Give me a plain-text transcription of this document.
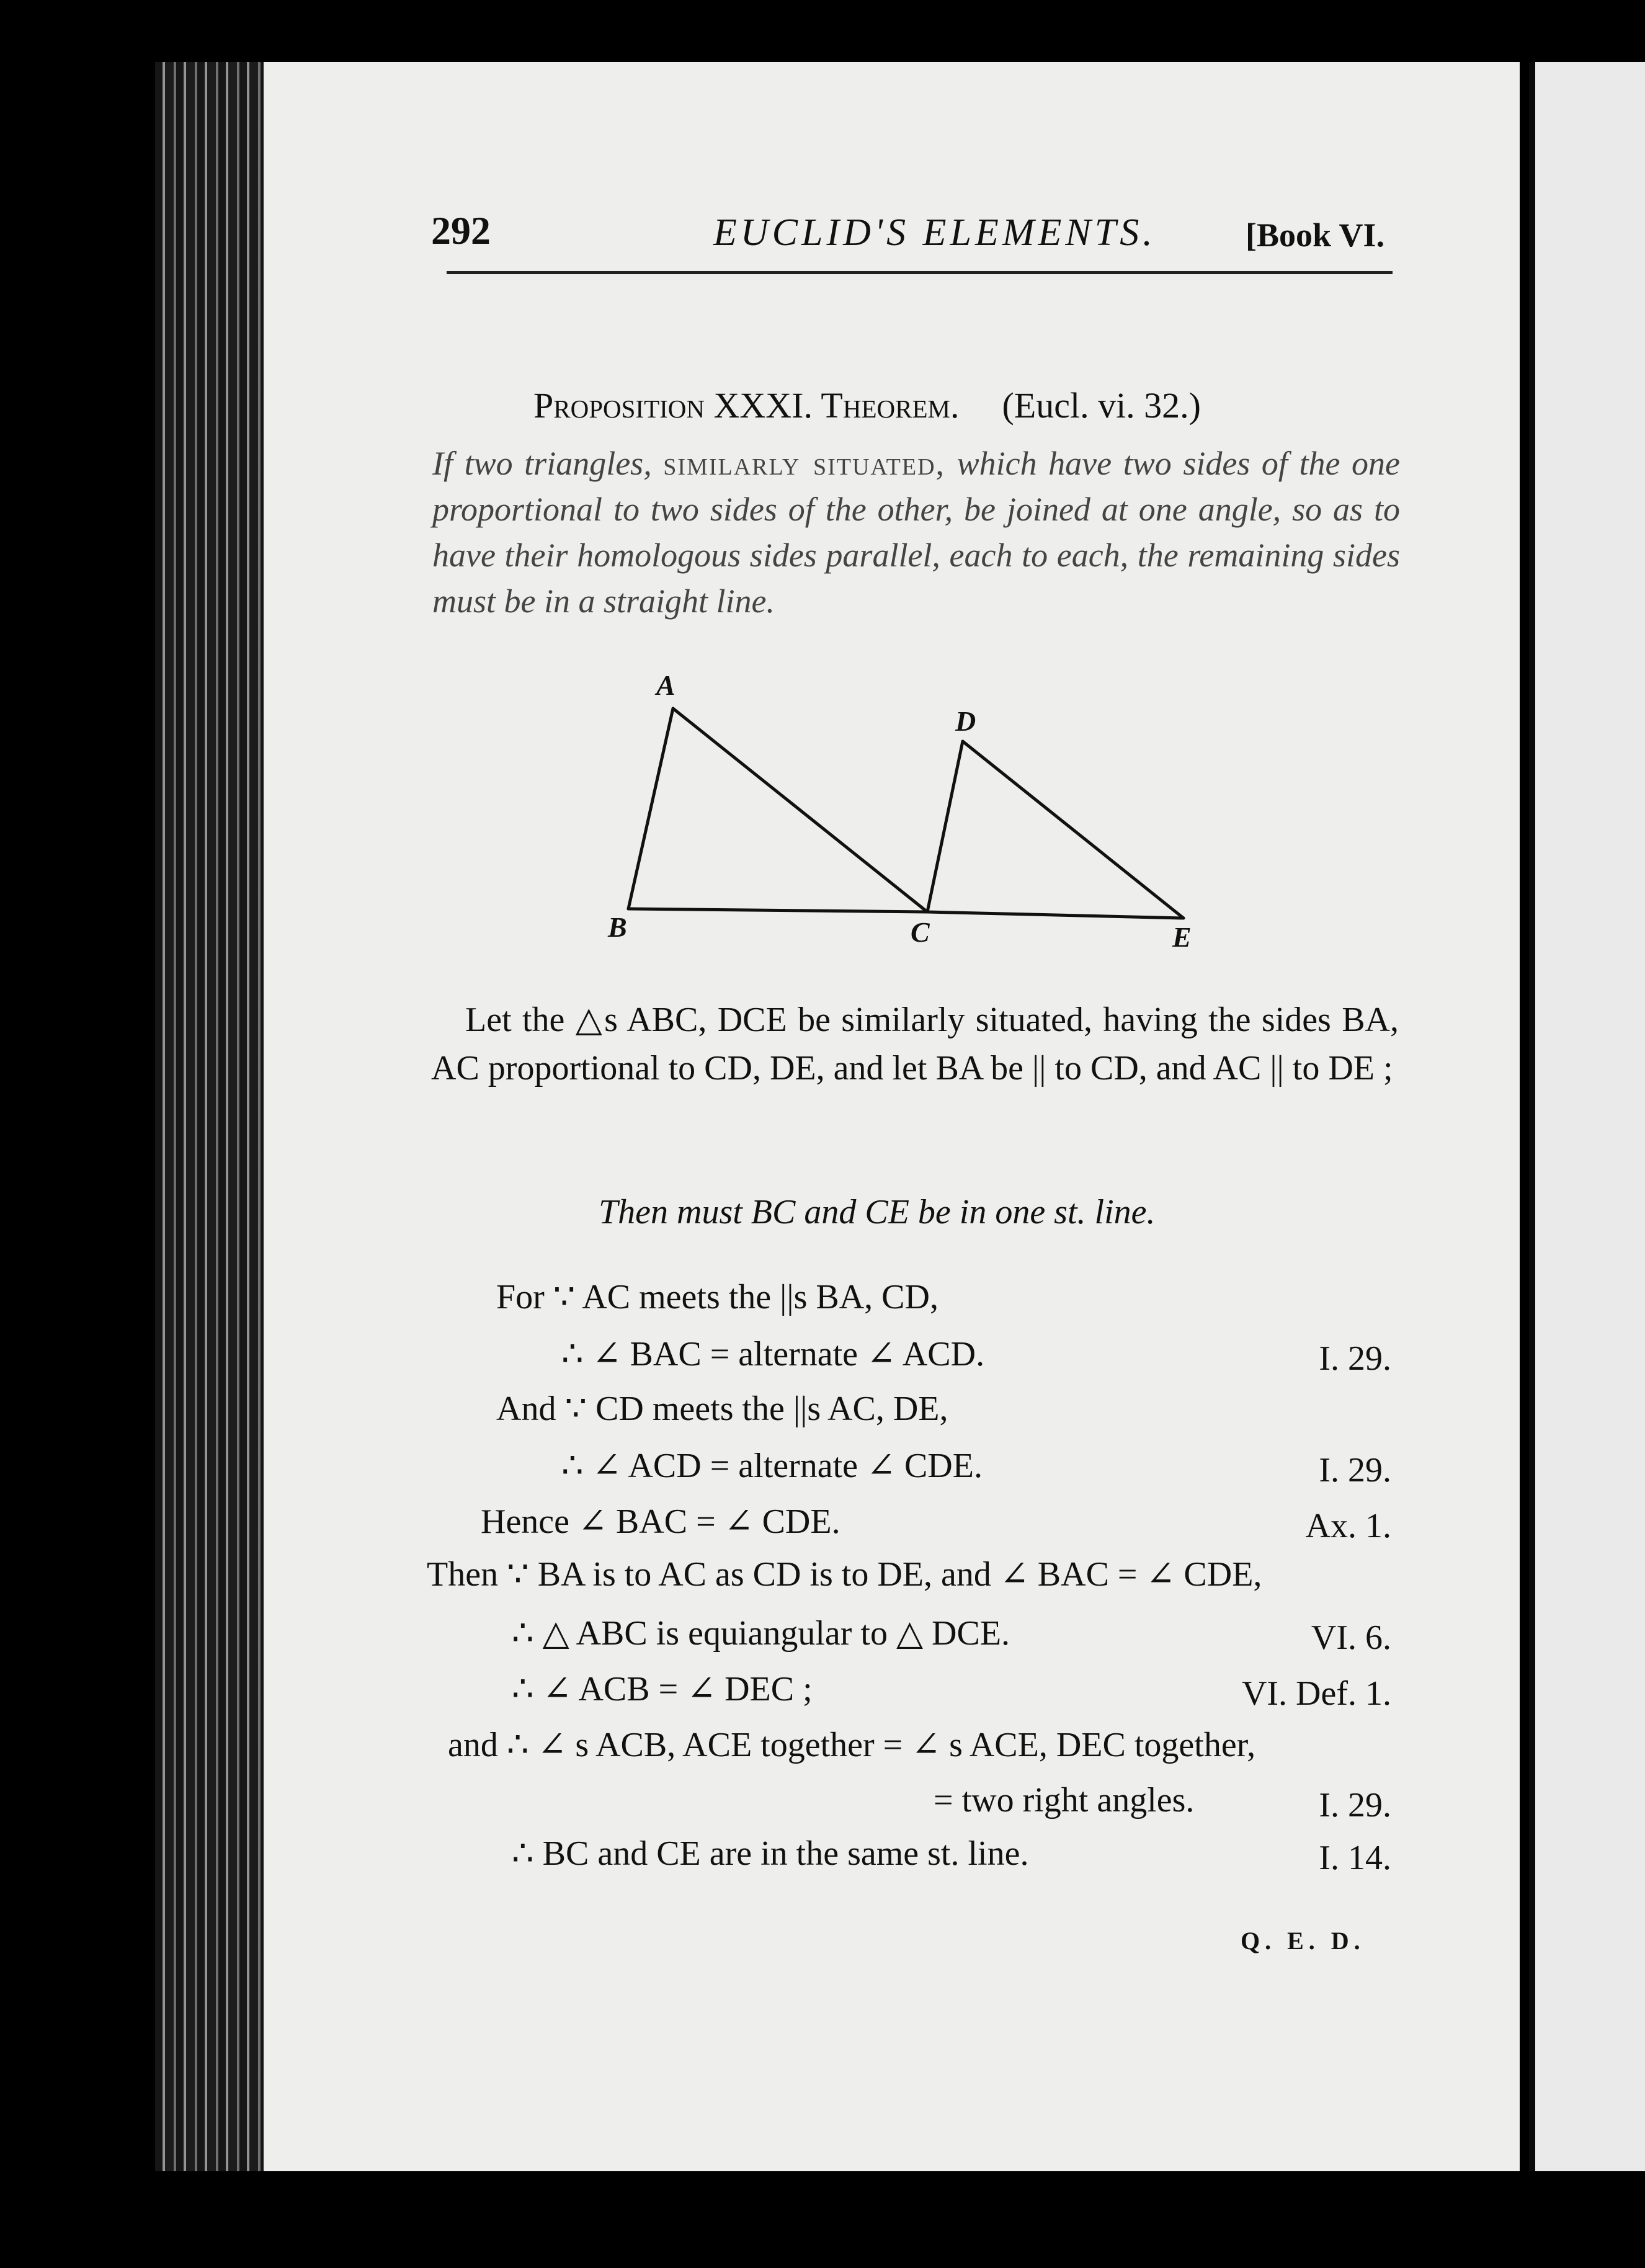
292	EUCLID'S ELEMENTS.	[Book VI.
Proposition XXXI. Theorem. (Eucl. vi. 32.)
If two triangles, similarly situated, which have two sides of the one proportional to two sides of the other, be joined at one angle, so as to have their homologous sides parallel, each to each, the remaining sides must be in a straight line.
A
B	C
D
E
Let the △s ABC, DCE be similarly situated, having the sides BA, AC proportional to CD, DE, and let BA be || to CD, and AC || to DE ;
Then must BC and CE be in one st. line.
For ∵ AC meets the ||s BA, CD,
∴ ∠ BAC = alternate ∠ ACD.	I. 29.
And ∵ CD meets the ||s AC, DE,
∴ ∠ ACD = alternate ∠ CDE.	I. 29.
Hence ∠ BAC = ∠ CDE.	Ax. 1.
Then ∵ BA is to AC as CD is to DE, and ∠ BAC = ∠ CDE,
∴ △ ABC is equiangular to △ DCE.	VI. 6.
∴ ∠ ACB = ∠ DEC ;	VI. Def. 1.
and ∴ ∠ s ACB, ACE together = ∠ s ACE, DEC together,
= two right angles.	I. 29.
∴ BC and CE are in the same st. line.	I. 14.
Q. E. D.
